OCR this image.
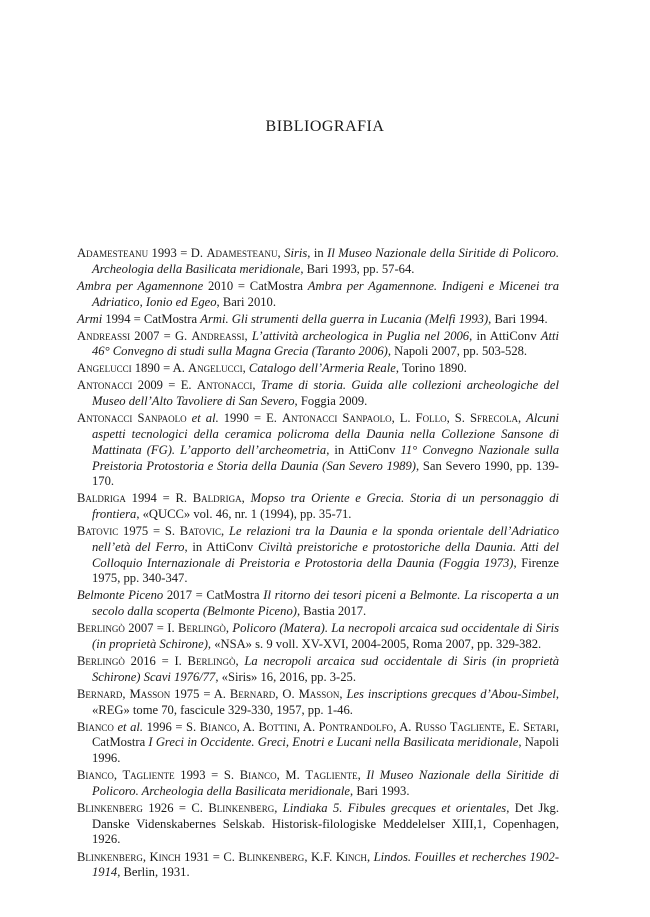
BIBLIOGRAFIA

Adamesteanu 1993 = D. Adamesteanu, Siris, in Il Museo Nazionale della Siritide di Policoro. Archeologia della Basilicata meridionale, Bari 1993, pp. 57-64.

Ambra per Agamennone 2010 = CatMostra Ambra per Agamennone. Indigeni e Micenei tra Adriatico, Ionio ed Egeo, Bari 2010.

Armi 1994 = CatMostra Armi. Gli strumenti della guerra in Lucania (Melfi 1993), Bari 1994.

Andreassi 2007 = G. Andreassi, L’attività archeologica in Puglia nel 2006, in AttiConv Atti 46° Convegno di studi sulla Magna Grecia (Taranto 2006), Napoli 2007, pp. 503-528.

Angelucci 1890 = A. Angelucci, Catalogo dell’Armeria Reale, Torino 1890.

Antonacci 2009 = E. Antonacci, Trame di storia. Guida alle collezioni archeologiche del Museo dell’Alto Tavoliere di San Severo, Foggia 2009.

Antonacci Sanpaolo et al. 1990 = E. Antonacci Sanpaolo, L. Follo, S. Sfrecola, Alcuni aspetti tecnologici della ceramica policroma della Daunia nella Collezione Sansone di Mattinata (FG). L’apporto dell’archeometria, in AttiConv 11° Convegno Nazionale sulla Preistoria Protostoria e Storia della Daunia (San Severo 1989), San Severo 1990, pp. 139-170.

Baldriga 1994 = R. Baldriga, Mopso tra Oriente e Grecia. Storia di un personaggio di frontiera, «QUCC» vol. 46, nr. 1 (1994), pp. 35-71.

Batovic 1975 = S. Batovic, Le relazioni tra la Daunia e la sponda orientale dell’Adriatico nell’età del Ferro, in AttiConv Civiltà preistoriche e protostoriche della Daunia. Atti del Colloquio Internazionale di Preistoria e Protostoria della Daunia (Foggia 1973), Firenze 1975, pp. 340-347.

Belmonte Piceno 2017 = CatMostra Il ritorno dei tesori piceni a Belmonte. La riscoperta a un secolo dalla scoperta (Belmonte Piceno), Bastia 2017.

Berlingò 2007 = I. Berlingò, Policoro (Matera). La necropoli arcaica sud occidentale di Siris (in proprietà Schirone), «NSA» s. 9 voll. XV-XVI, 2004-2005, Roma 2007, pp. 329-382.

Berlingò 2016 = I. Berlingò, La necropoli arcaica sud occidentale di Siris (in proprietà Schirone) Scavi 1976/77, «Siris» 16, 2016, pp. 3-25.

Bernard, Masson 1975 = A. Bernard, O. Masson, Les inscriptions grecques d’Abou-Simbel, «REG» tome 70, fascicule 329-330, 1957, pp. 1-46.

Bianco et al. 1996 = S. Bianco, A. Bottini, A. Pontrandolfo, A. Russo Tagliente, E. Setari, CatMostra I Greci in Occidente. Greci, Enotri e Lucani nella Basilicata meridionale, Napoli 1996.

Bianco, Tagliente 1993 = S. Bianco, M. Tagliente, Il Museo Nazionale della Siritide di Policoro. Archeologia della Basilicata meridionale, Bari 1993.

Blinkenberg 1926 = C. Blinkenberg, Lindiaka 5. Fibules grecques et orientales, Det Jkg. Danske Videnskabernes Selskab. Historisk-filologiske Meddelelser XIII,1, Copenhagen, 1926.

Blinkenberg, Kinch 1931 = C. Blinkenberg, K.F. Kinch, Lindos. Fouilles et recherches 1902-1914, Berlin, 1931.
